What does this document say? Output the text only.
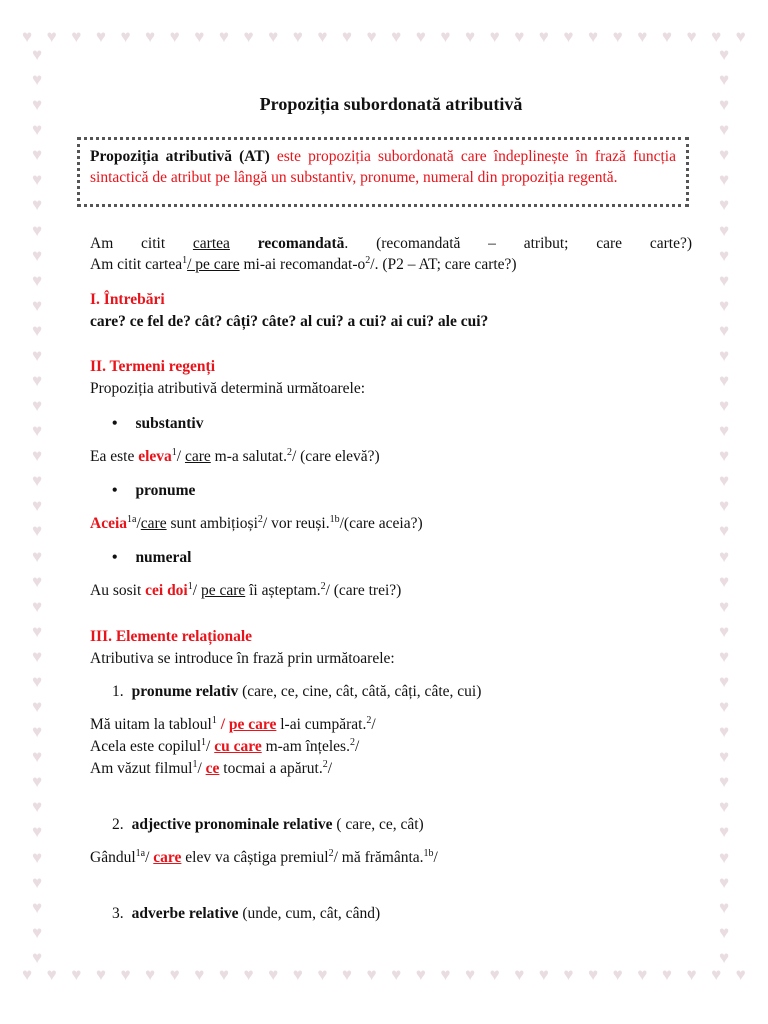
♥ ♥ ♥ ♥ ♥ ♥ ♥ ♥ ♥ ♥ ♥ ♥ ♥ ♥ ♥ ♥ ♥ ♥ ♥ ♥ ♥ ♥ ♥ ♥ ♥ ♥ ♥ ♥ ♥ ♥
♥ ♥ ♥ ♥ ♥ ♥ ♥ ♥ ♥ ♥ ♥ ♥ ♥ ♥ ♥ ♥ ♥ ♥ ♥ ♥ ♥ ♥ ♥ ♥ ♥ ♥ ♥ ♥ ♥ ♥
♥
♥
♥
♥
♥
♥
♥
♥
♥
♥
♥
♥
♥
♥
♥
♥
♥
♥
♥
♥
♥
♥
♥
♥
♥
♥
♥
♥
♥
♥
♥
♥
♥
♥
♥
♥
♥
♥
♥
♥
♥
♥
♥
♥
♥
♥
♥
♥
♥
♥
♥
♥
♥
♥
♥
♥
♥
♥
♥
♥
♥
♥
♥
♥
♥
♥
♥
♥
♥
♥
♥
♥
♥
♥
Propoziția subordonată atributivă
Propoziția atributivă (AT) este propoziția subordonată care îndeplinește în frază funcția sintactică de atribut pe lângă un substantiv, pronume, numeral din propoziția regentă.
Am citit cartea recomandată. (recomandată – atribut; care carte?)
Am citit cartea$^1$/ pe care mi-ai recomandat-$o^2/$. (P2 – AT; care carte?)
I. Întrebări
care? ce fel de? cât? câți? câte? al cui? a cui? ai cui? ale cui?
II. Termeni regenți
Propoziția atributivă determină următoarele:
• substantiv
Ea este eleva$^1$/ care m-a salutat.$^2$/ (care elevă?)
• pronume
Aceia$^{1a}$/care sunt ambițioși$^2$/ vor reuși.$^{1b}$/(care aceia?)
• numeral
Au sosit cei doi$^1$/ pe care îi așteptam.$^2$/ (care trei?)
III. Elemente relaționale
Atributiva se introduce în frază prin următoarele:
1. pronume relativ (care, ce, cine, cât, câtă, câți, câte, cui)
Mă uitam la tabloul$^1$ / pe care l-ai cumpărat.$^2$/
Acela este copilul$^1$/ cu care m-am înțeles.$^2$/
Am văzut filmul$^1$/ ce tocmai a apărut.$^2$/
2. adjective pronominale relative ( care, ce, cât)
Gândul$^{1a}$/ care elev va câștiga premiul$^2$/ mă frământa.$^{1b}$/
3. adverbe relative (unde, cum, cât, când)
